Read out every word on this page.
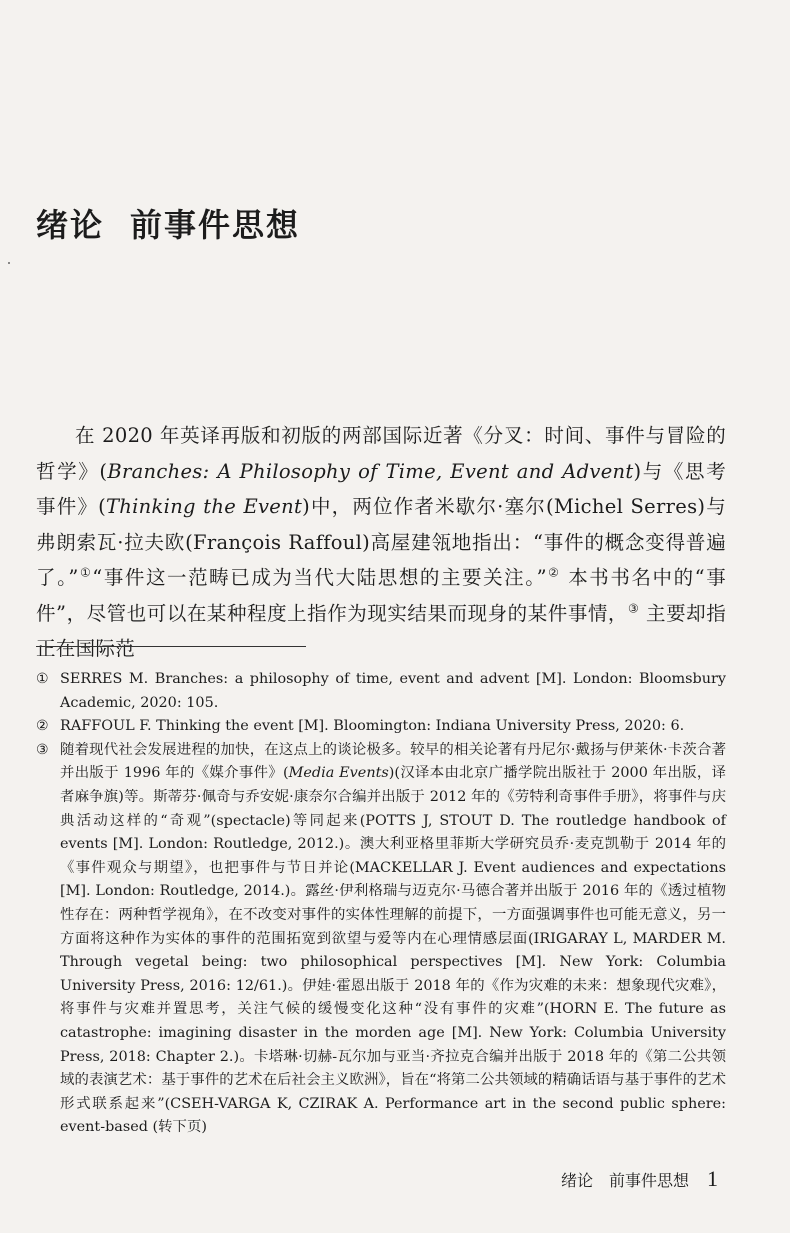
绪论 前事件思想

在 2020 年英译再版和初版的两部国际近著《分叉：时间、事件与冒险的哲学》(Branches: A Philosophy of Time, Event and Advent)与《思考事件》(Thinking the Event)中，两位作者米歇尔·塞尔(Michel Serres)与弗朗索瓦·拉夫欧(François Raffoul)高屋建瓴地指出：“事件的概念变得普遍了。”①“事件这一范畴已成为当代大陆思想的主要关注。”② 本书书名中的“事件”，尽管也可以在某种程度上指作为现实结果而现身的某件事情，③ 主要却指正在国际范

① SERRES M. Branches: a philosophy of time, event and advent [M]. London: Bloomsbury Academic, 2020: 105.
② RAFFOUL F. Thinking the event [M]. Bloomington: Indiana University Press, 2020: 6.
③ 随着现代社会发展进程的加快，在这点上的谈论极多。较早的相关论著有丹尼尔·戴扬与伊莱休·卡茨合著并出版于 1996 年的《媒介事件》(Media Events)(汉译本由北京广播学院出版社于 2000 年出版，译者麻争旗)等。斯蒂芬·佩奇与乔安妮·康奈尔合编并出版于 2012 年的《劳特利奇事件手册》，将事件与庆典活动这样的“奇观”(spectacle)等同起来(POTTS J, STOUT D. The routledge handbook of events [M]. London: Routledge, 2012.)。澳大利亚格里菲斯大学研究员乔·麦克凯勒于 2014 年的《事件观众与期望》，也把事件与节日并论(MACKELLAR J. Event audiences and expectations [M]. London: Routledge, 2014.)。露丝·伊利格瑞与迈克尔·马德合著并出版于 2016 年的《透过植物性存在：两种哲学视角》，在不改变对事件的实体性理解的前提下，一方面强调事件也可能无意义，另一方面将这种作为实体的事件的范围拓宽到欲望与爱等内在心理情感层面(IRIGARAY L, MARDER M. Through vegetal being: two philosophical perspectives [M]. New York: Columbia University Press, 2016: 12/61.)。伊娃·霍恩出版于 2018 年的《作为灾难的未来：想象现代灾难》，将事件与灾难并置思考，关注气候的缓慢变化这种“没有事件的灾难”(HORN E. The future as catastrophe: imagining disaster in the morden age [M]. New York: Columbia University Press, 2018: Chapter 2.)。卡塔琳·切赫-瓦尔加与亚当·齐拉克合编并出版于 2018 年的《第二公共领域的表演艺术：基于事件的艺术在后社会主义欧洲》，旨在“将第二公共领域的精确话语与基于事件的艺术形式联系起来”(CSEH-VARGA K, CZIRAK A. Performance art in the second public sphere: event-based (转下页)
绪论　前事件思想 1
